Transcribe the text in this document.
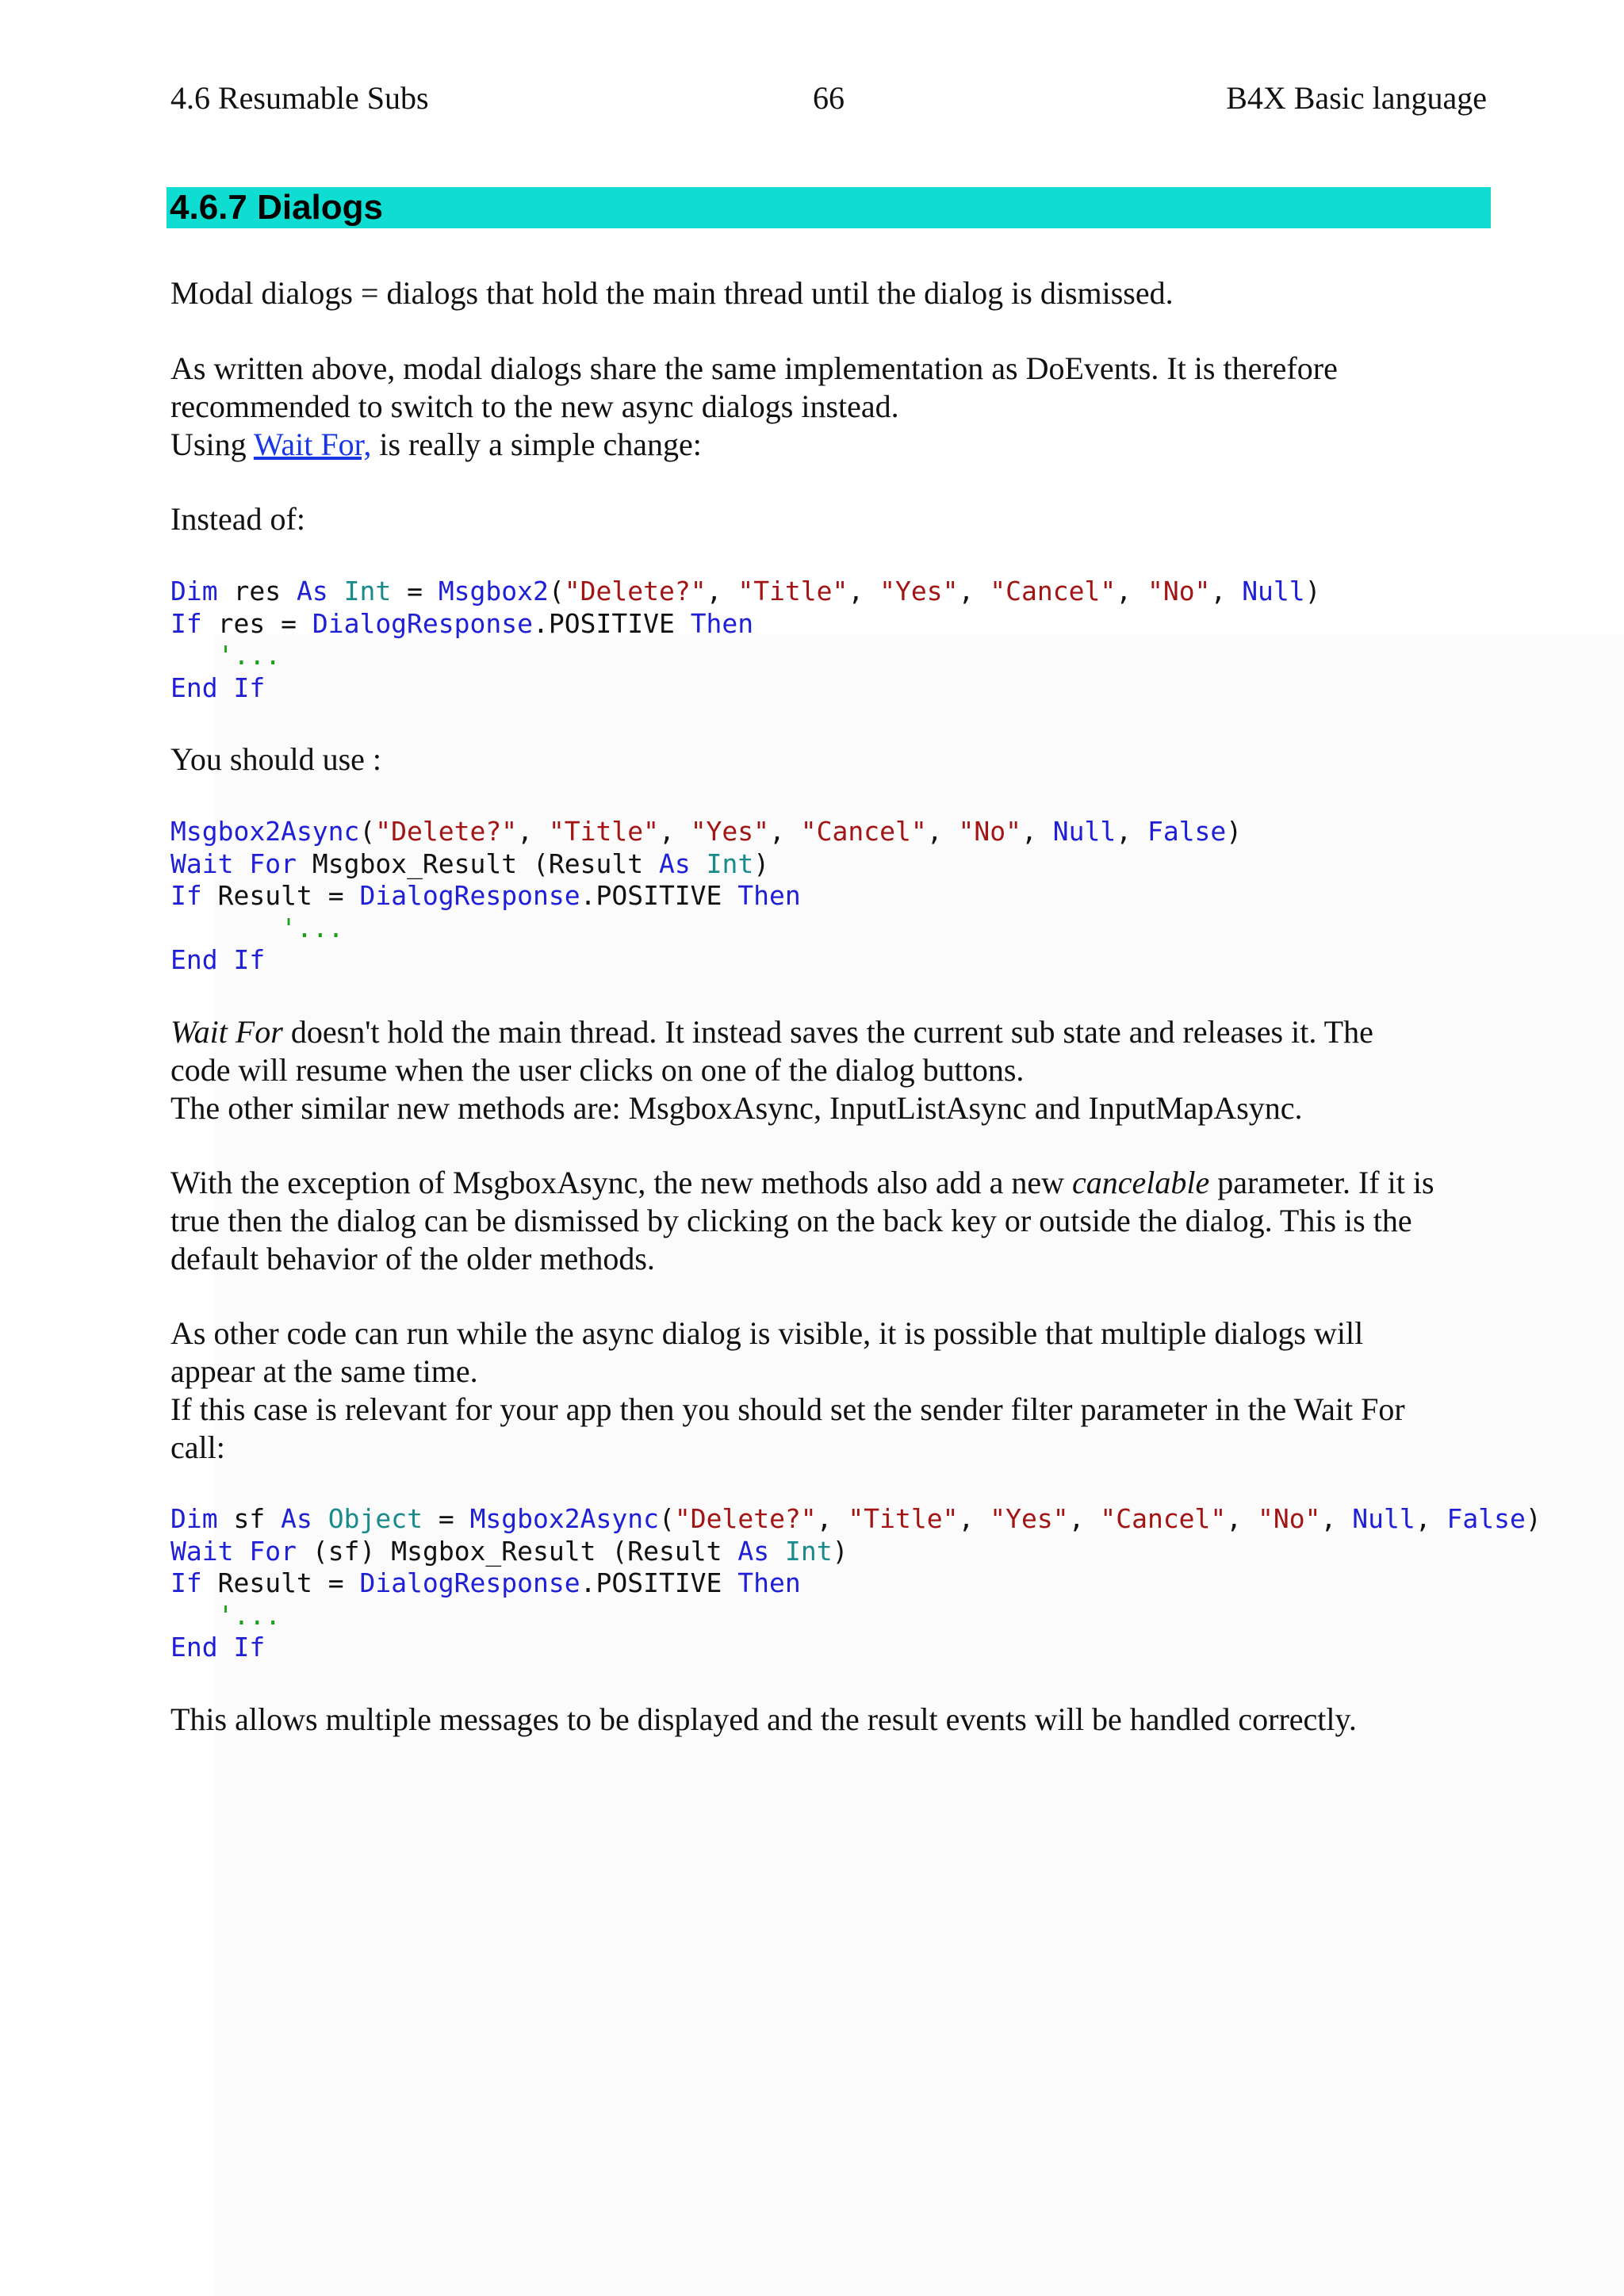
4.6 Resumable Subs	66	B4X Basic language
4.6.7 Dialogs

Modal dialogs = dialogs that hold the main thread until the dialog is dismissed.

As written above, modal dialogs share the same implementation as DoEvents. It is therefore
recommended to switch to the new async dialogs instead.
Using Wait For, is really a simple change:

Instead of:

Dim res As Int = Msgbox2("Delete?", "Title", "Yes", "Cancel", "No", Null)
If res = DialogResponse.POSITIVE Then
'...
End If

You should use :

Msgbox2Async("Delete?", "Title", "Yes", "Cancel", "No", Null, False)
Wait For Msgbox_Result (Result As Int)
If Result = DialogResponse.POSITIVE Then
'...
End If

Wait For doesn't hold the main thread. It instead saves the current sub state and releases it. The
code will resume when the user clicks on one of the dialog buttons.
The other similar new methods are: MsgboxAsync, InputListAsync and InputMapAsync.

With the exception of MsgboxAsync, the new methods also add a new cancelable parameter. If it is
true then the dialog can be dismissed by clicking on the back key or outside the dialog. This is the
default behavior of the older methods.

As other code can run while the async dialog is visible, it is possible that multiple dialogs will
appear at the same time.
If this case is relevant for your app then you should set the sender filter parameter in the Wait For
call:

Dim sf As Object = Msgbox2Async("Delete?", "Title", "Yes", "Cancel", "No", Null, FalseWait For (sf) Msgbox_Result (Result As Int)
If Result = DialogResponse.POSITIVE Then
'...
End If

This allows multiple messages to be displayed and the result events will be handled correctly.
